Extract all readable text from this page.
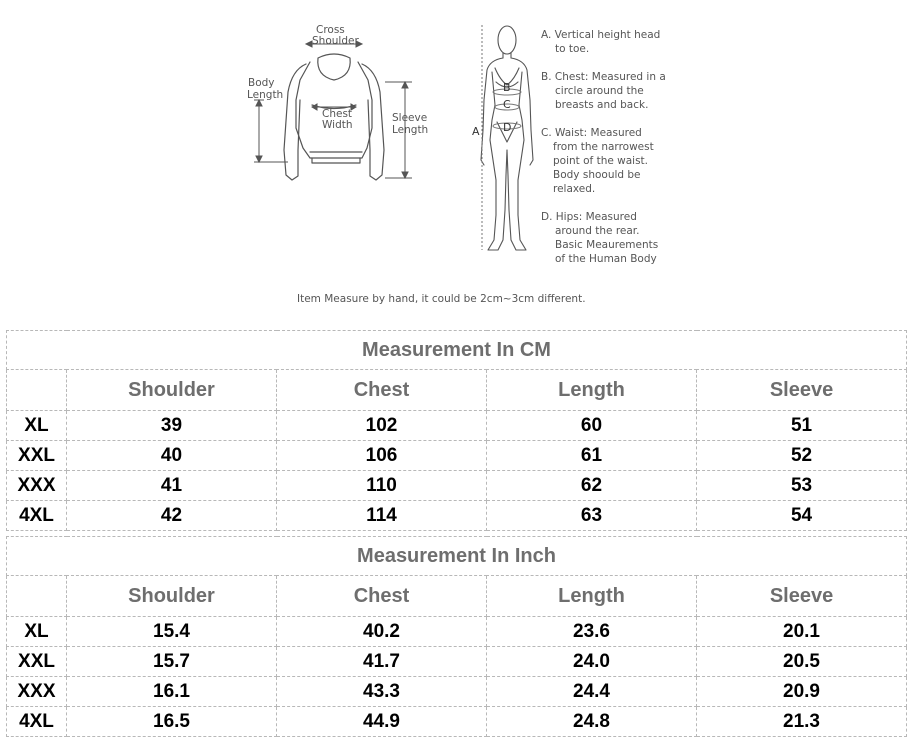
Cross
Shoulder
Body
Length
Chest
Width
Sleeve
Length	A
B
C
D
A. Vertical height head
to toe.
B. Chest: Measured in a
circle around the
breasts and back.
C. Waist: Measured
from the narrowest
point of the waist.
Body shoould be
relaxed.
D. Hips: Measured
around the rear.
Basic Meaurements
of the Human Body
Item Measure by hand, it could be 2cm~3cm different.
Measurement In CM				
	Shoulder	Chest	Length	Sleeve
XL	39	102	60	51
XXL	40	106	61	52
XXX	41	110	62	53
4XL	42	114	63	54
Measurement In Inch				
	Shoulder	Chest	Length	Sleeve
XL	15.4	40.2	23.6	20.1
XXL	15.7	41.7	24.0	20.5
XXX	16.1	43.3	24.4	20.9
4XL	16.5	44.9	24.8	21.3
